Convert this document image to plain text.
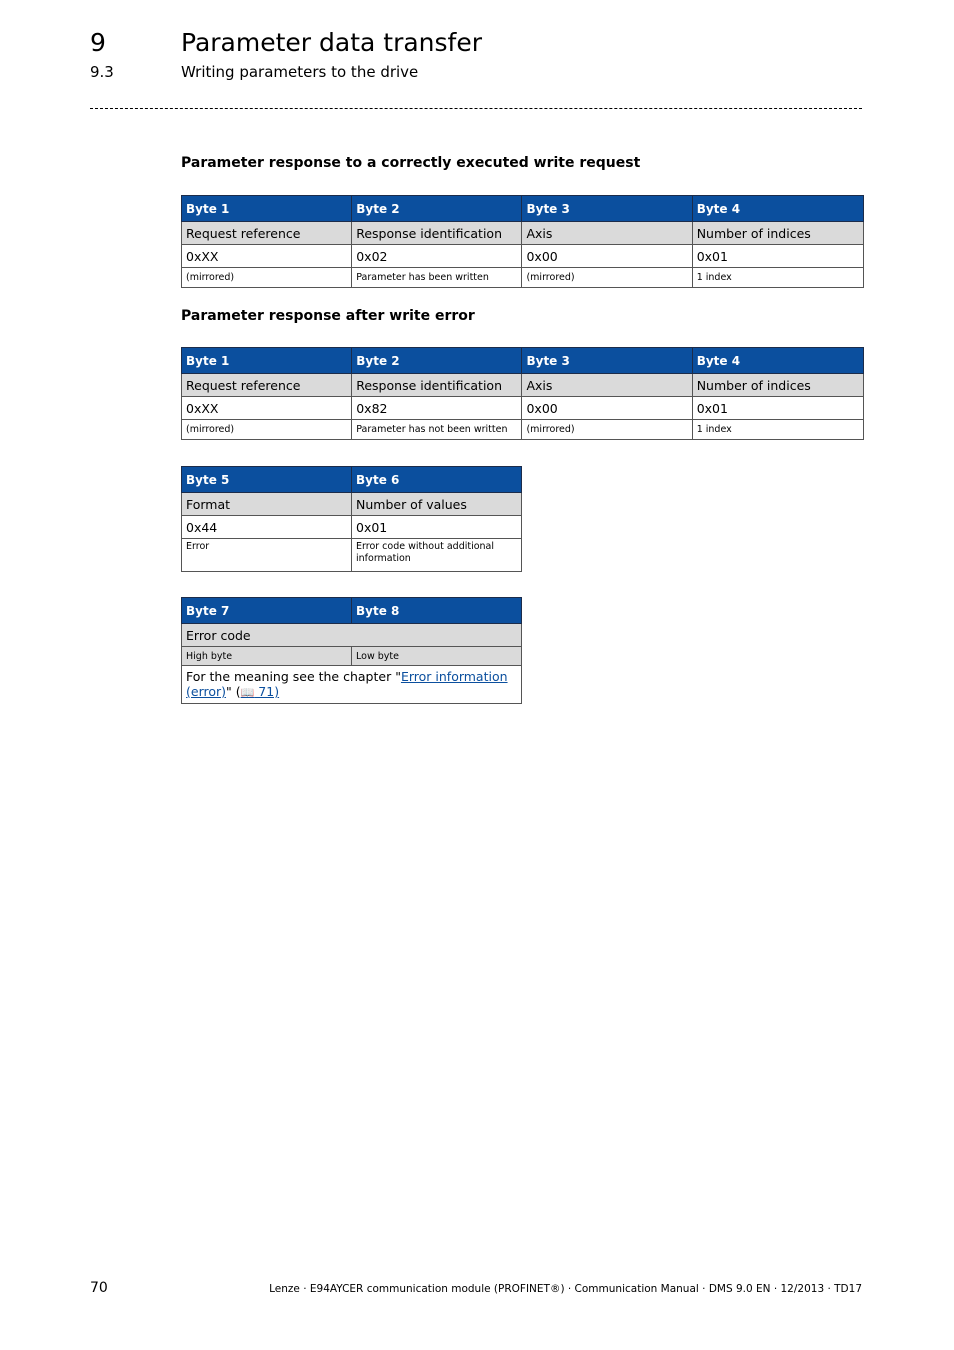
9	Parameter data transfer
9.3	Writing parameters to the drive
Parameter response to a correctly executed write request
Byte 1	Byte 2	Byte 3	Byte 4
Request reference	Response identification	Axis	Number of indices
0xXX	0x02	0x00	0x01
(mirrored)	Parameter has been written	(mirrored)	1 index
Parameter response after write error
Byte 1	Byte 2	Byte 3	Byte 4
Request reference	Response identification	Axis	Number of indices
0xXX	0x82	0x00	0x01
(mirrored)	Parameter has not been written	(mirrored)	1 index
Byte 5	Byte 6
Format	Number of values
0x44	0x01
Error	Error code without additional information
Byte 7	Byte 8
Error code	
High byte	Low byte
For the meaning see the chapter "Error information (error)" (📖 71)	
70	Lenze · E94AYCER communication module (PROFINET®) · Communication Manual · DMS 9.0 EN · 12/2013 · TD17
